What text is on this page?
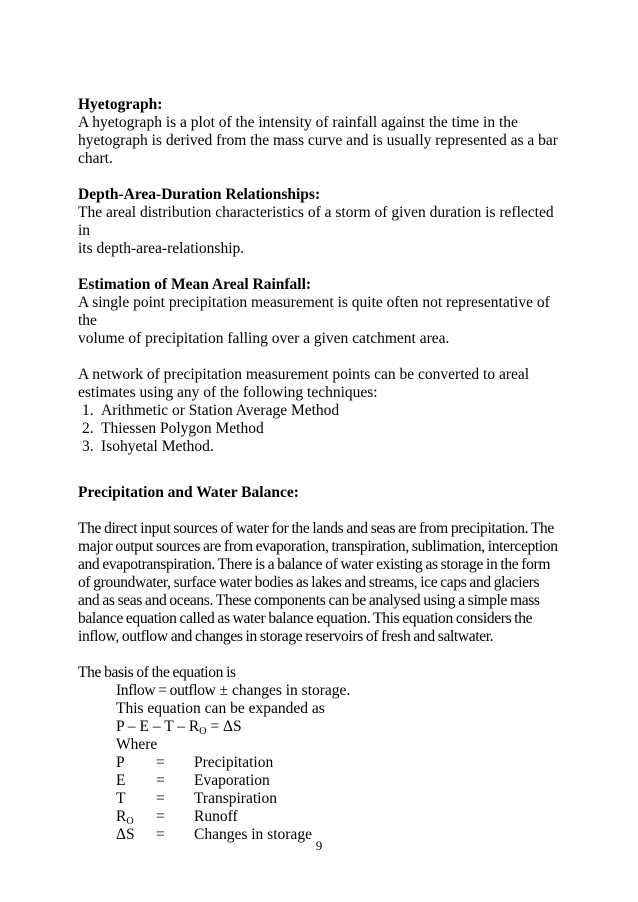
Hyetograph:

A hyetograph is a plot of the intensity of rainfall against the time in the

hyetograph is derived from the mass curve and is usually represented as a bar

chart.

Depth-Area-Duration Relationships:

The areal distribution characteristics of a storm of given duration is reflected in

its depth-area-relationship.

Estimation of Mean Areal Rainfall:

A single point precipitation measurement is quite often not representative of the

volume of precipitation falling over a given catchment area.

A network of precipitation measurement points can be converted to areal

estimates using any of the following techniques:

1. Arithmetic or Station Average Method
2. Thiessen Polygon Method
3. Isohyetal Method.

Precipitation and Water Balance:

The direct input sources of water for the lands and seas are from precipitation. The

major output sources are from evaporation, transpiration, sublimation, interception

and evapotranspiration. There is a balance of water existing as storage in the form

of groundwater, surface water bodies as lakes and streams, ice caps and glaciers

and as seas and oceans. These components can be analysed using a simple mass

balance equation called as water balance equation. This equation considers the

inflow, outflow and changes in storage reservoirs of fresh and saltwater.

The basis of the equation is

Inflow = outflow ± changes in storage.

This equation can be expanded as

$P - E - T - R_O = \Delta S$

Where

P	=	Precipitation
E	=	Evaporation
T	=	Transpiration
$R_O$	=	Runoff
ΔS	=	Changes in storage
9
